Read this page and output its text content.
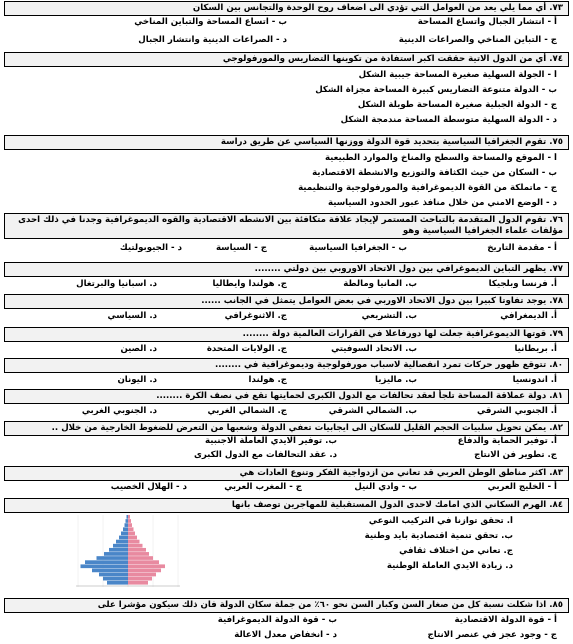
٧٣. أي مما يلي يعد من العوامل التي تؤدي الى اضعاف روح الوحدة والتجانس بين السكان
أ - انتشار الجبال واتساع المساحة
ب - اتساع المساحة والتباين المناخي
ج - التباين المناخي والصراعات الدينية
د - الصراعات الدينية وانتشار الجبال
٧٤. أي من الدول الاتية حققت اكبر استفادة من تكوينها التضاريس والمورفولوجي
أ - الجولة السهلية صغيرة المساحة جيبية الشكل
ب - الدولة متنوعة التضاريس كبيرة المساحة مجزأة الشكل
ج - الدولة الجبلية صغيرة المساحة طويلة الشكل
د - الدولة السهلية متوسطة المساحة مندمجة الشكل
٧٥. تقوم الجغرافيا السياسية بتحديد قوة الدولة ووزنها السياسي عن طريق دراسة
أ - الموقع والمساحة والسطح والمناخ والموارد الطبيعية
ب - السكان من حيث الكثافة والتوزيع والانشطة الاقتصادية
ج - ماتملكة من القوة الديموغرافية والمورفولوجية والتنظيمية
د - الوضع الامني من خلال منافذ عبور الحدود السياسية
٧٦. تقوم الدول المتقدمة بالتباحث المستمر لإيجاد علاقة متكافئة بين الانشطه الاقتصادية والقوه الديموغرافية وجدنا في ذلك احدى مؤلفات علماء الجغرافيا السياسية وهو
أ - مقدمة التاريخ
ب - الجغرافيا السياسية
ج - السياسة
د - الجيوبولتيك
٧٧. يظهر التباين الديموغرافي بين دول الاتحاد الاوروبي بين دولتي ........
أ. فرنسا وبلجيكا
ب. المانيا ومالطة
ج. هولندا وايطاليا
د. اسبانيا والبرتغال
٧٨. يوجد تفاوتا كبيرا بين دول الاتحاد الاوربي في بعض العوامل يتمثل في الجانب ......
أ. الديمغرافي
ب. التشريعي
ج. الاثنوغرافي
د. السياسي
٧٩. قوتها الديموغرافية جعلت لها دورفاعلا في القرارات العالمية دولة ........
أ. بريطانيا
ب. الاتحاد السوفيتي
ج. الولايات المتحدة
د. الصين
٨٠. تتوقع ظهور حركات تمرد انفصالية لاسباب مورفولوجية وديموغرافية في ........
أ. اندونسيا
ب. ماليزيا
ج. هولندا
د. اليونان
٨١. دولة عملاقة المساحة تلجأ لعقد تحالفات مع الدول الكبرى لحمايتها تقع في نصف الكرة ........
أ. الجنوبي الشرقي
ب. الشمالي الشرقي
ج. الشمالي الغربي
د. الجنوبي الغربي
٨٢. يمكن تحويل سلبيات الحجم القليل للسكان الى ايجابيات تعفي الدولة وشعبها من التعرض للضغوط الخارجية من خلال ..
أ. توفير الحماية والدفاع
ب. توفير الايدي العاملة الاجنبية
ج. تطوير فن الانتاج
د. عقد التحالفات مع الدول الكبرى
٨٣. اكثر مناطق الوطن العربي قد تعاني من ازدواجية الفكر وتنوع العادات هي
أ - الخليج العربي
ب - وادي النيل
ج - المغرب العربي
د - الهلال الخصيب
٨٤. الهرم السكاني الذي امامك لاحدى الدول المستقبلية للمهاجرين توصف بانها
أ. تحقق توازنا في التركيب النوعي
ب. تحقق تنمية اقتصادية بأيد وطنية
ج. تعاني من اختلاف ثقافي
د. زيادة الايدي العاملة الوطنية
٨٥. اذا شكلت نسبة كل من صغار السن وكبار السن نحو ٦٠٪ من جملة سكان الدولة فان ذلك سيكون مؤشرا على
أ - قوة الدولة الاقتصادية
ب - قوة الدولة الديموغرافية
ج - وجود عجز في عنصر الانتاج
د - انخفاض معدل الاعالة
